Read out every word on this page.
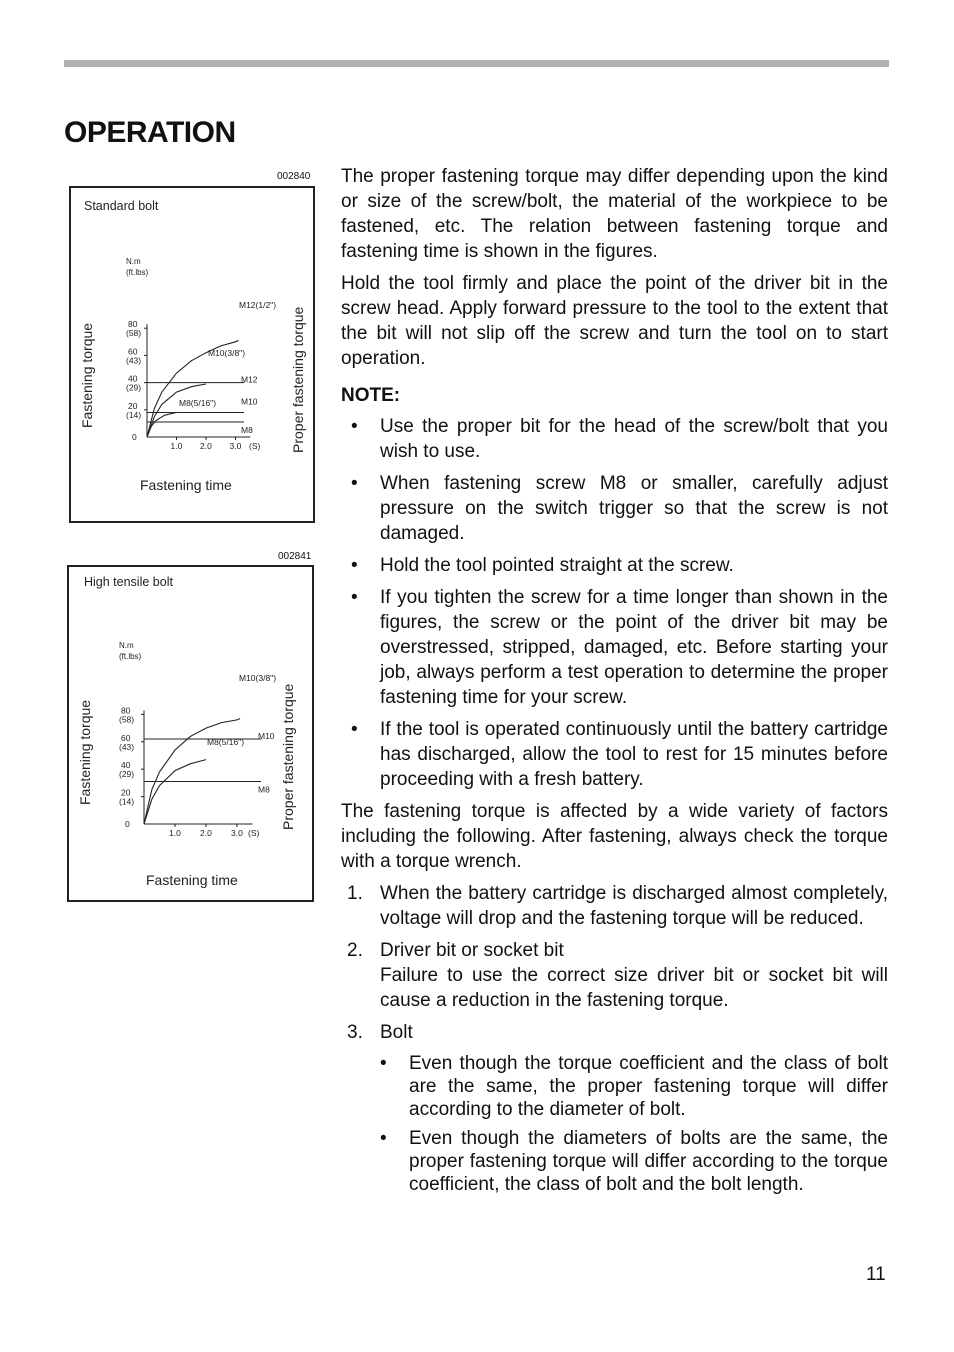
OPERATION
002840
Standard bolt
N.m
(ft.lbs)
0
20
(14)
40
(29)
60
(43)
80
(58)
1.0 2.0 3.0 (S)
M12
M10
M8
M12(1/2")
M10(3/8")
M8(5/16")
Fastening time
Fastening torque	Proper fastening torque
002841
High tensile bolt
N.m
(ft.lbs)
0
20
(14)
40
(29)
60
(43)
80
(58)
1.0 2.0 3.0 (S)
M10
M8
M10(3/8")
M8(5/16")
Fastening time
Fastening torque	Proper fastening torque

The proper fastening torque may differ depending upon the kind or size of the screw/bolt, the material of the workpiece to be fastened, etc. The relation between fastening torque and fastening time is shown in the figures.

Hold the tool firmly and place the point of the driver bit in the screw head. Apply forward pressure to the tool to the extent that the bit will not slip off the screw and turn the tool on to start operation.

NOTE:
• Use the proper bit for the head of the screw/bolt that you wish to use.
• When fastening screw M8 or smaller, carefully adjust pressure on the switch trigger so that the screw is not damaged.
• Hold the tool pointed straight at the screw.
• If you tighten the screw for a time longer than shown in the figures, the screw or the point of the driver bit may be overstressed, stripped, damaged, etc. Before starting your job, always perform a test operation to determine the proper fastening time for your screw.
• If the tool is operated continuously until the battery cartridge has discharged, allow the tool to rest for 15 minutes before proceeding with a fresh battery.

The fastening torque is affected by a wide variety of factors including the following. After fastening, always check the torque with a torque wrench.

1. When the battery cartridge is discharged almost completely, voltage will drop and the fastening torque will be reduced.
2. Driver bit or socket bit
Failure to use the correct size driver bit or socket bit will cause a reduction in the fastening torque.
3. Bolt
• Even though the torque coefficient and the class of bolt are the same, the proper fastening torque will differ according to the diameter of bolt.
• Even though the diameters of bolts are the same, the proper fastening torque will differ according to the torque coefficient, the class of bolt and the bolt length.
11
